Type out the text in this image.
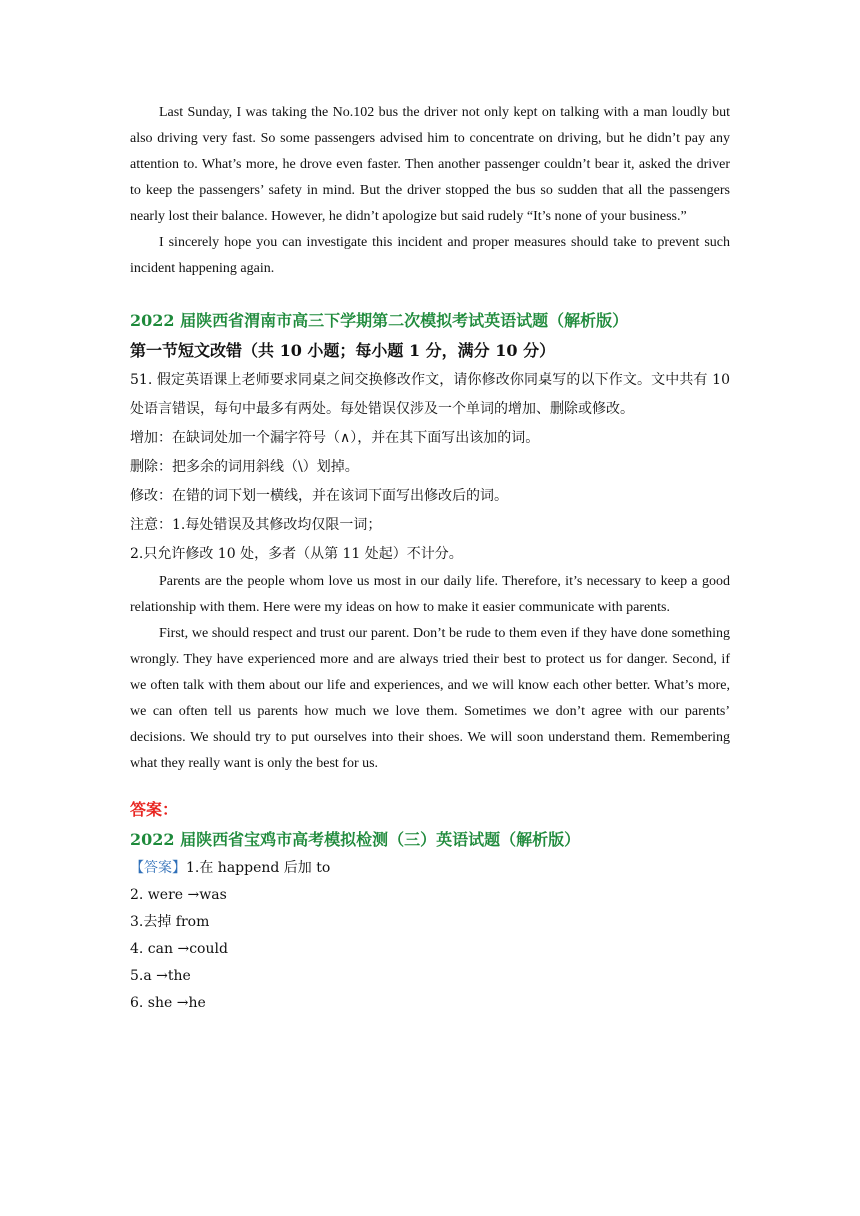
Last Sunday, I was taking the No.102 bus the driver not only kept on talking with a man loudly but also driving very fast. So some passengers advised him to concentrate on driving, but he didn’t pay any attention to. What’s more, he drove even faster. Then another passenger couldn’t bear it, asked the driver to keep the passengers’ safety in mind. But the driver stopped the bus so sudden that all the passengers nearly lost their balance. However, he didn’t apologize but said rudely “It’s none of your business.”

I sincerely hope you can investigate this incident and proper measures should take to prevent such incident happening again.

2022 届陕西省渭南市高三下学期第二次模拟考试英语试题（解析版）

第一节短文改错（共 10 小题；每小题 1 分，满分 10 分）

51. 假定英语课上老师要求同桌之间交换修改作文，请你修改你同桌写的以下作文。文中共有 10 处语言错误，每句中最多有两处。每处错误仅涉及一个单词的增加、删除或修改。

增加：在缺词处加一个漏字符号（∧），并在其下面写出该加的词。

删除：把多余的词用斜线（\）划掉。

修改：在错的词下划一横线，并在该词下面写出修改后的词。

注意：1.每处错误及其修改均仅限一词；

2.只允许修改 10 处，多者（从第 11 处起）不计分。

Parents are the people whom love us most in our daily life. Therefore, it’s necessary to keep a good relationship with them. Here were my ideas on how to make it easier communicate with parents.

First, we should respect and trust our parent. Don’t be rude to them even if they have done something wrongly. They have experienced more and are always tried their best to protect us for danger. Second, if we often talk with them about our life and experiences, and we will know each other better. What’s more, we can often tell us parents how much we love them. Sometimes we don’t agree with our parents’ decisions. We should try to put ourselves into their shoes. We will soon understand them. Remembering what they really want is only the best for us.

答案：

2022 届陕西省宝鸡市高考模拟检测（三）英语试题（解析版）

【答案】1.在 happend 后加 to

2. were →was

3.去掉 from

4. can →could

5.a →the

6. she →he
